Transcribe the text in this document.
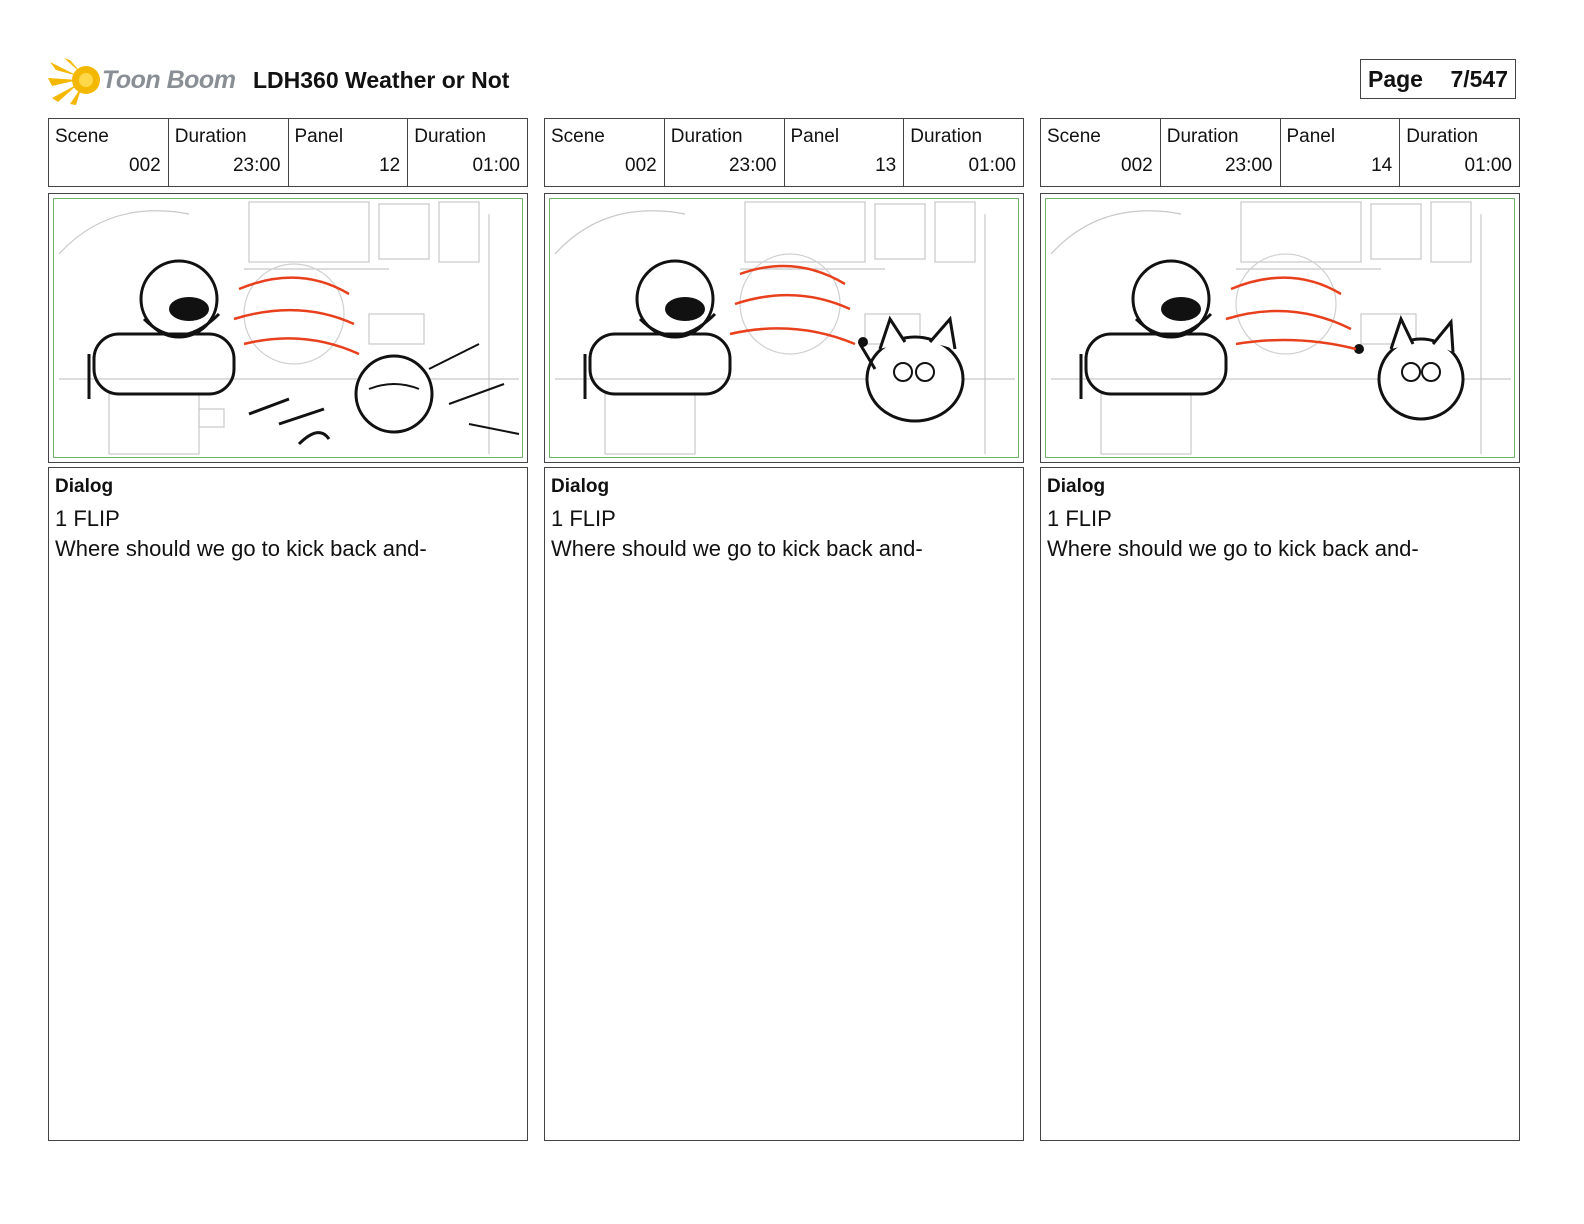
Toon Boom LDH360 Weather or Not	Page 7/547
Scene
002
Duration
23:00
Panel
12
Duration
01:00
Dialog
1 FLIP
Where should we go to kick back and-
Scene
002
Duration
23:00
Panel
13
Duration
01:00
Dialog
1 FLIP
Where should we go to kick back and-
Scene
002
Duration
23:00
Panel
14
Duration
01:00
Dialog
1 FLIP
Where should we go to kick back and-
